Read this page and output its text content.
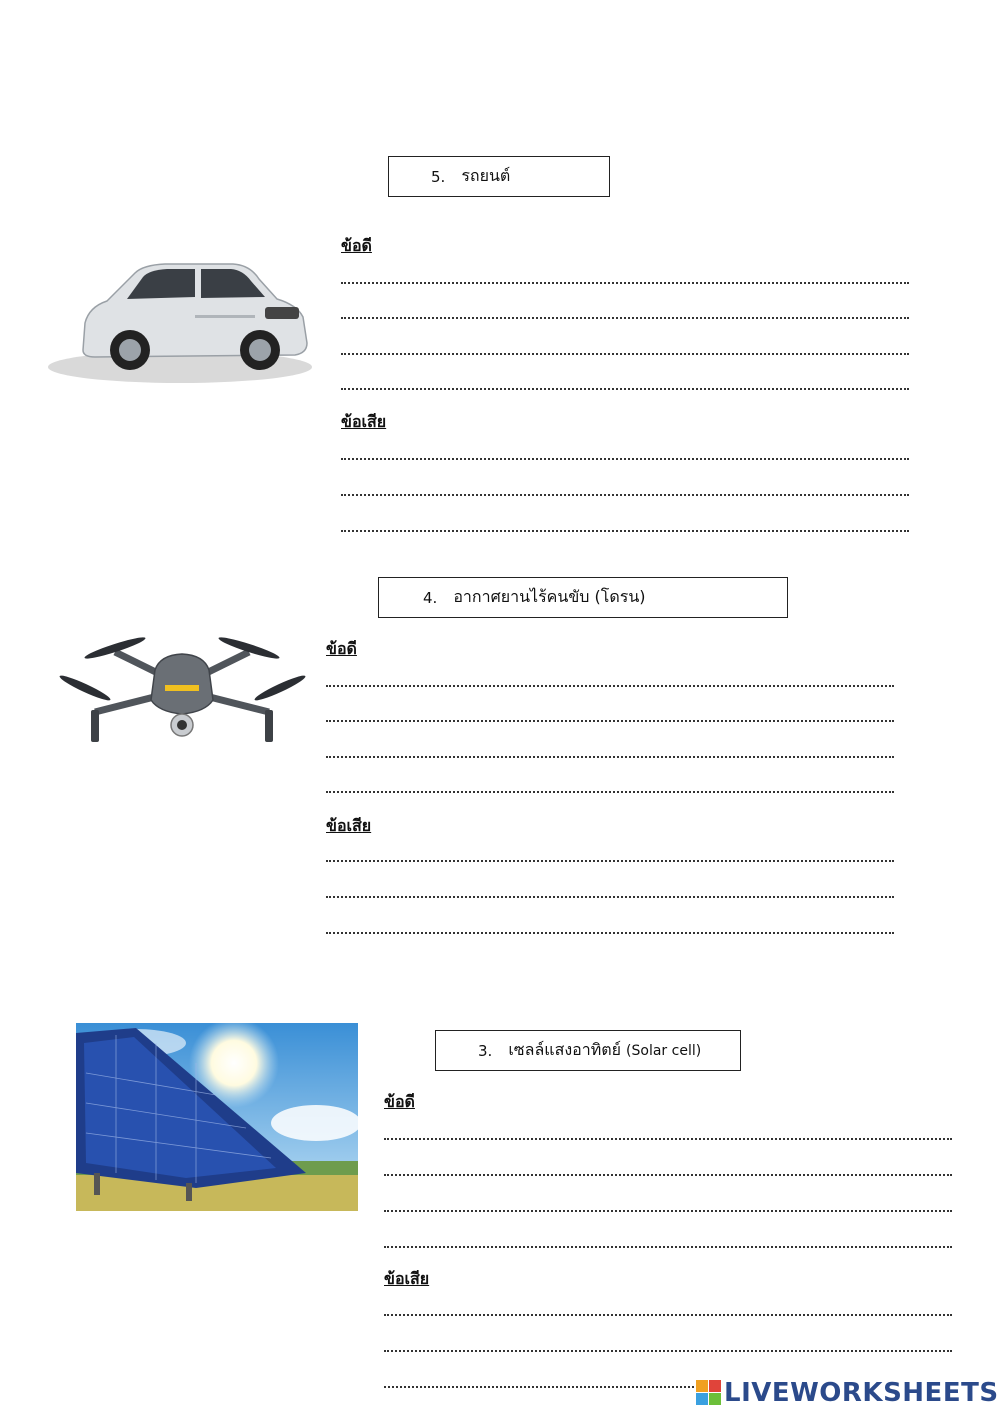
5. รถยนต์
ข้อดี
ข้อเสีย
4. อากาศยานไร้คนขับ (โดรน)
ข้อดี
ข้อเสีย
3. เซลล์แสงอาทิตย์ (Solar cell)
ข้อดี
ข้อเสีย
LIVEWORKSHEETS
